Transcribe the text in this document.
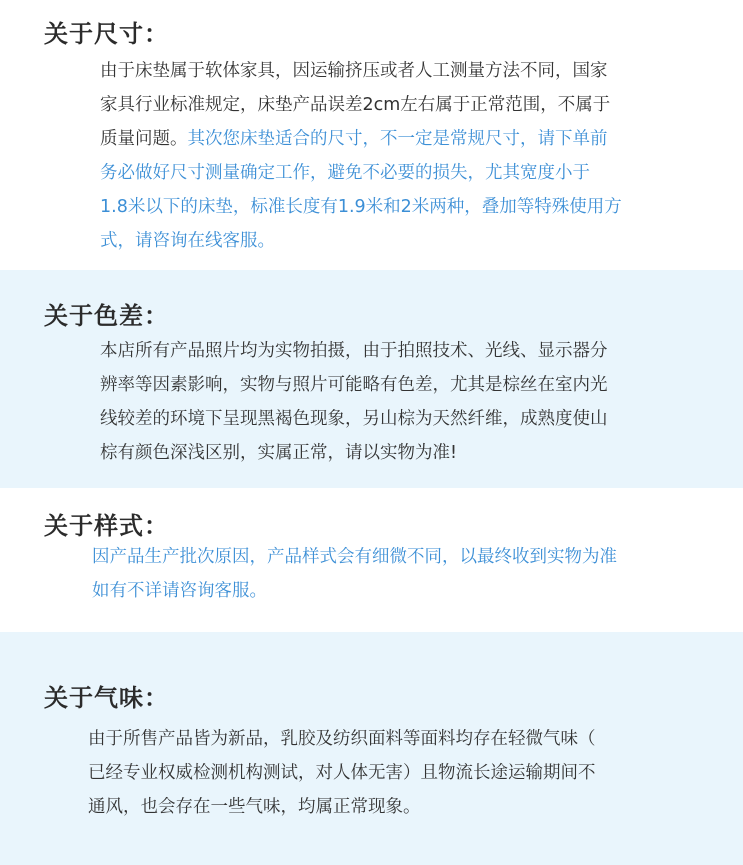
关于尺寸：
由于床垫属于软体家具，因运输挤压或者人工测量方法不同，国家
家具行业标准规定，床垫产品误差2cm左右属于正常范围，不属于
质量问题。其次您床垫适合的尺寸，不一定是常规尺寸，请下单前
务必做好尺寸测量确定工作，避免不必要的损失，尤其宽度小于
1.8米以下的床垫，标准长度有1.9米和2米两种，叠加等特殊使用方
式，请咨询在线客服。
关于色差：
本店所有产品照片均为实物拍摄，由于拍照技术、光线、显示器分
辨率等因素影响，实物与照片可能略有色差，尤其是棕丝在室内光
线较差的环境下呈现黑褐色现象，另山棕为天然纤维，成熟度使山
棕有颜色深浅区别，实属正常，请以实物为准!
关于样式：
因产品生产批次原因，产品样式会有细微不同，以最终收到实物为准
如有不详请咨询客服。
关于气味：
由于所售产品皆为新品，乳胶及纺织面料等面料均存在轻微气味（
已经专业权威检测机构测试，对人体无害）且物流长途运输期间不
通风，也会存在一些气味，均属正常现象。
